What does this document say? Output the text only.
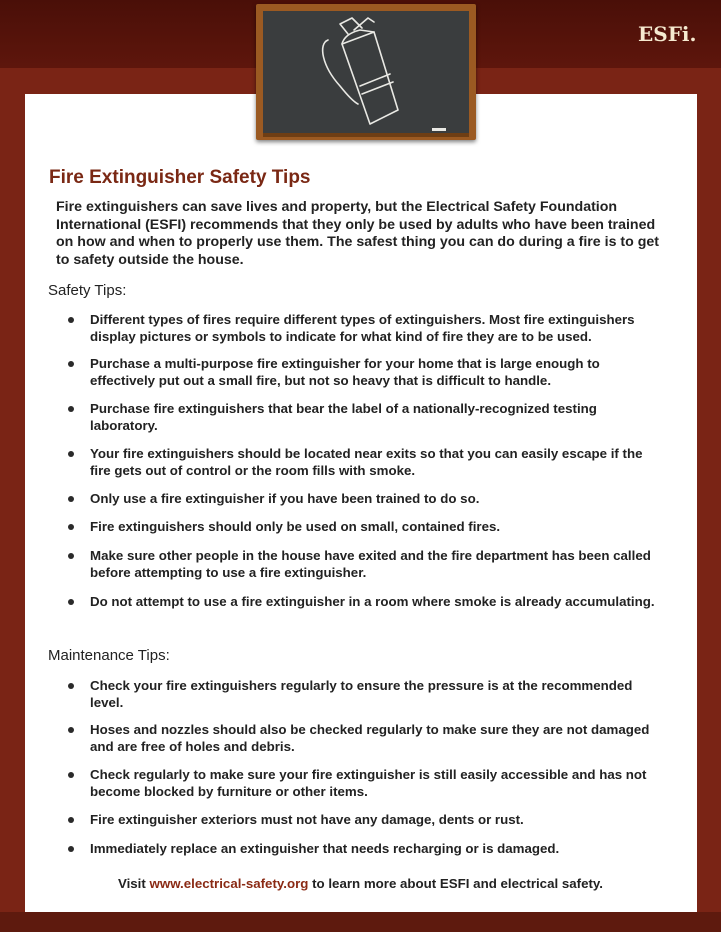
ESFi.
Fire Extinguisher Safety Tips

Fire extinguishers can save lives and property, but the Electrical Safety Foundation International (ESFI) recommends that they only be used by adults who have been trained on how and when to properly use them. The safest thing you can do during a fire is to get to safety outside the house.

Safety Tips:
Different types of fires require different types of extinguishers. Most fire extinguishers display pictures or symbols to indicate for what kind of fire they are to be used.
Purchase a multi-purpose fire extinguisher for your home that is large enough to effectively put out a small fire, but not so heavy that is difficult to handle.
Purchase fire extinguishers that bear the label of a nationally-recognized testing laboratory.
Your fire extinguishers should be located near exits so that you can easily escape if the fire gets out of control or the room fills with smoke.
Only use a fire extinguisher if you have been trained to do so.
Fire extinguishers should only be used on small, contained fires.
Make sure other people in the house have exited and the fire department has been called before attempting to use a fire extinguisher.
Do not attempt to use a fire extinguisher in a room where smoke is already accumulating.
Maintenance Tips:
Check your fire extinguishers regularly to ensure the pressure is at the recommended level.
Hoses and nozzles should also be checked regularly to make sure they are not damaged and are free of holes and debris.
Check regularly to make sure your fire extinguisher is still easily accessible and has not become blocked by furniture or other items.
Fire extinguisher exteriors must not have any damage, dents or rust.
Immediately replace an extinguisher that needs recharging or is damaged.
Visit www.electrical-safety.org to learn more about ESFI and electrical safety.
